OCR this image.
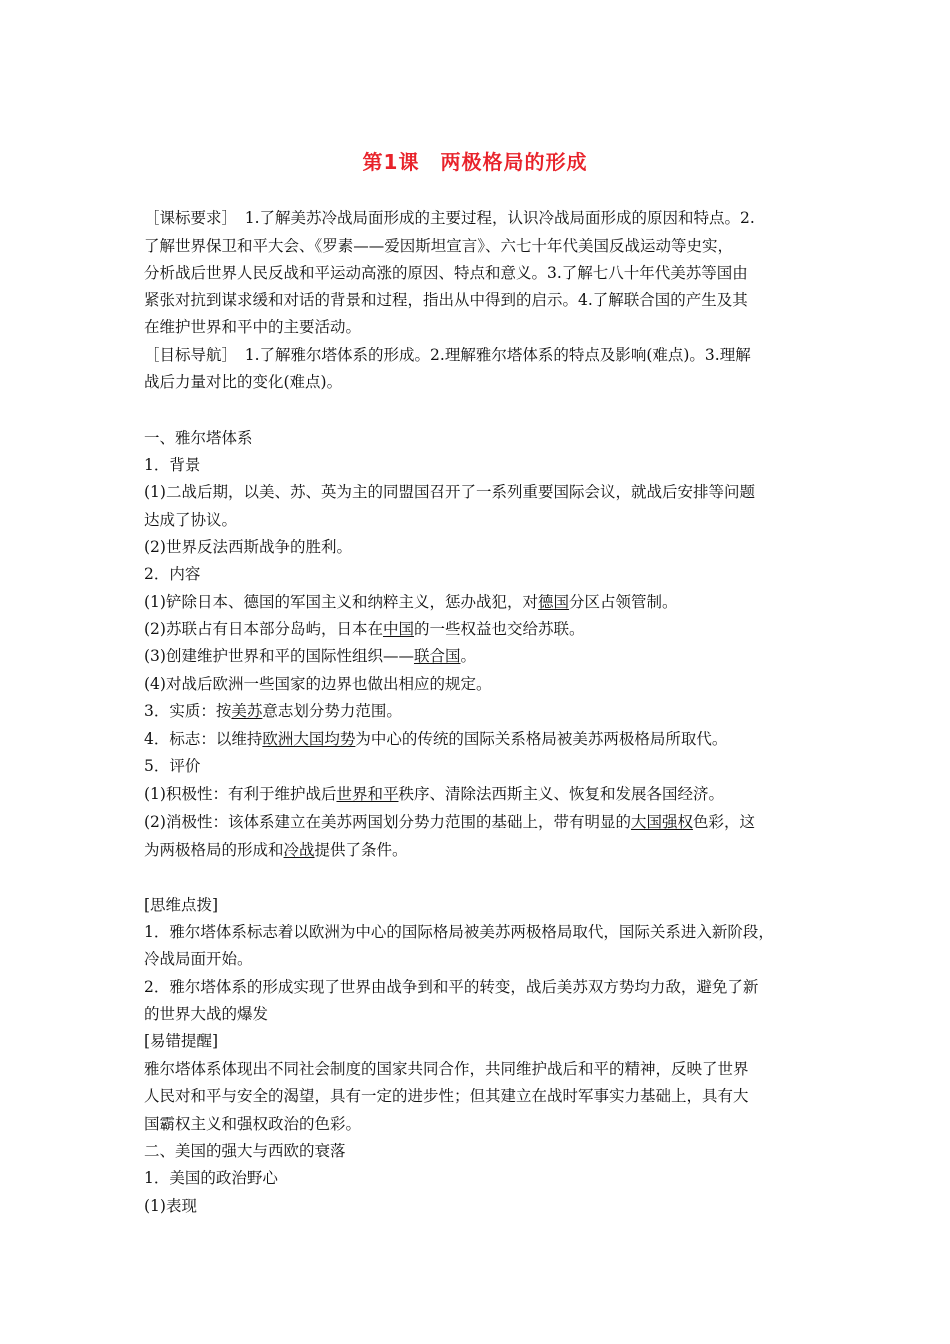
第1课　两极格局的形成
［课标要求］　1.了解美苏冷战局面形成的主要过程，认识冷战局面形成的原因和特点。2.
了解世界保卫和平大会、《罗素——爱因斯坦宣言》、六七十年代美国反战运动等史实，
分析战后世界人民反战和平运动高涨的原因、特点和意义。3.了解七八十年代美苏等国由
紧张对抗到谋求缓和对话的背景和过程，指出从中得到的启示。4.了解联合国的产生及其
在维护世界和平中的主要活动。
［目标导航］　1.了解雅尔塔体系的形成。2.理解雅尔塔体系的特点及影响(难点)。3.理解
战后力量对比的变化(难点)。
一、雅尔塔体系
1．背景
(1)二战后期，以美、苏、英为主的同盟国召开了一系列重要国际会议，就战后安排等问题
达成了协议。
(2)世界反法西斯战争的胜利。
2．内容
(1)铲除日本、德国的军国主义和纳粹主义，惩办战犯，对德国分区占领管制。
(2)苏联占有日本部分岛屿，日本在中国的一些权益也交给苏联。
(3)创建维护世界和平的国际性组织——联合国。
(4)对战后欧洲一些国家的边界也做出相应的规定。
3．实质：按美苏意志划分势力范围。
4．标志：以维持欧洲大国均势为中心的传统的国际关系格局被美苏两极格局所取代。
5．评价
(1)积极性：有利于维护战后世界和平秩序、清除法西斯主义、恢复和发展各国经济。
(2)消极性：该体系建立在美苏两国划分势力范围的基础上，带有明显的大国强权色彩，这
为两极格局的形成和冷战提供了条件。
[思维点拨]
1．雅尔塔体系标志着以欧洲为中心的国际格局被美苏两极格局取代，国际关系进入新阶段，
冷战局面开始。
2．雅尔塔体系的形成实现了世界由战争到和平的转变，战后美苏双方势均力敌，避免了新
的世界大战的爆发
[易错提醒]
雅尔塔体系体现出不同社会制度的国家共同合作，共同维护战后和平的精神，反映了世界
人民对和平与安全的渴望，具有一定的进步性；但其建立在战时军事实力基础上，具有大
国霸权主义和强权政治的色彩。
二、美国的强大与西欧的衰落
1．美国的政治野心
(1)表现
